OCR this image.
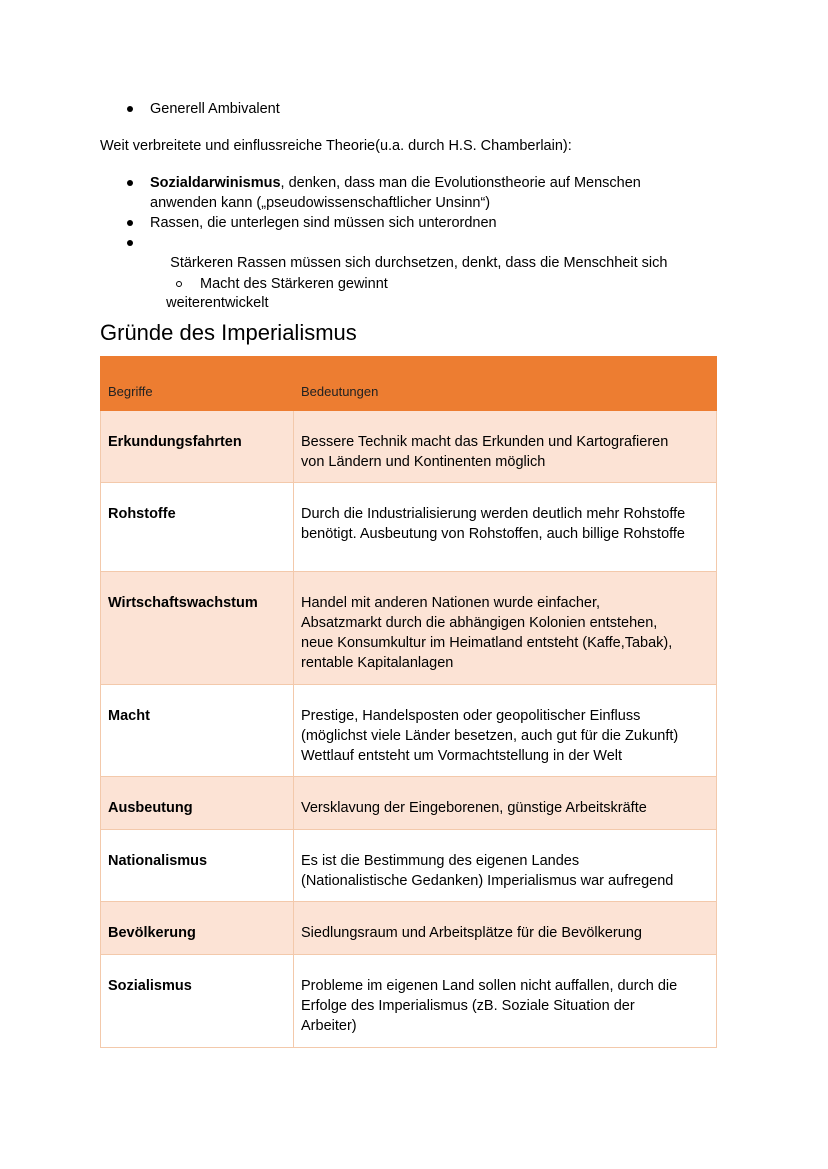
Generell Ambivalent
Weit verbreitete und einflussreiche Theorie(u.a. durch H.S. Chamberlain):
Sozialdarwinismus, denken, dass man die Evolutionstheorie auf Menschen
anwenden kann („pseudowissenschaftlicher Unsinn“)
Rassen, die unterlegen sind müssen sich unterordnen

Stärkeren Rassen müssen sich durchsetzen, denkt, dass die Menschheit sich

weiterentwickelt

Macht des Stärkeren gewinnt
Gründe des Imperialismus
Begriffe	Bedeutungen
Erkundungsfahrten	Bessere Technik macht das Erkunden und Kartografieren
von Ländern und Kontinenten möglich
Rohstoffe	Durch die Industrialisierung werden deutlich mehr Rohstoffe
benötigt. Ausbeutung von Rohstoffen, auch billige Rohstoffe
Wirtschaftswachstum	Handel mit anderen Nationen wurde einfacher,
Absatzmarkt durch die abhängigen Kolonien entstehen,
neue Konsumkultur im Heimatland entsteht (Kaffe,Tabak),
rentable Kapitalanlagen
Macht	Prestige, Handelsposten oder geopolitischer Einfluss
(möglichst viele Länder besetzen, auch gut für die Zukunft)
Wettlauf entsteht um Vormachtstellung in der Welt
Ausbeutung	Versklavung der Eingeborenen, günstige Arbeitskräfte
Nationalismus	Es ist die Bestimmung des eigenen Landes
(Nationalistische Gedanken) Imperialismus war aufregend
Bevölkerung	Siedlungsraum und Arbeitsplätze für die Bevölkerung
Sozialismus	Probleme im eigenen Land sollen nicht auffallen, durch die
Erfolge des Imperialismus (zB. Soziale Situation der
Arbeiter)
